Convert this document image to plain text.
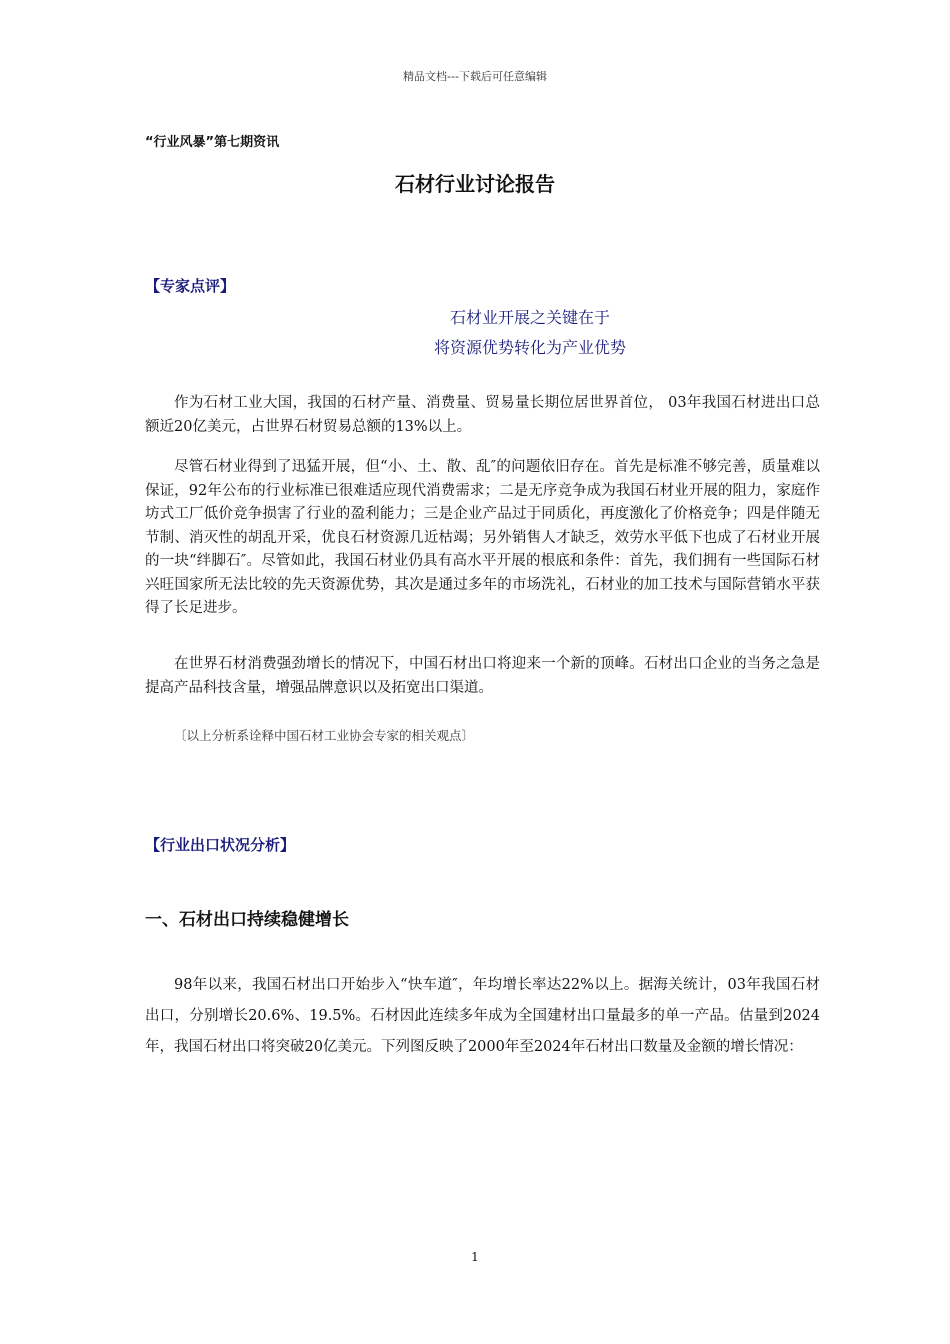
精品文档---下载后可任意编辑
“行业风暴”第七期资讯
石材行业讨论报告
【专家点评】
石材业开展之关键在于
将资源优势转化为产业优势
作为石材工业大国，我国的石材产量、消费量、贸易量长期位居世界首位， 03年我国石材进出口总额近20亿美元，占世界石材贸易总额的13%以上。
尽管石材业得到了迅猛开展，但“小、土、散、乱″的问题依旧存在。首先是标准不够完善，质量难以保证，92年公布的行业标准已很难适应现代消费需求；二是无序竞争成为我国石材业开展的阻力，家庭作坊式工厂低价竞争损害了行业的盈利能力；三是企业产品过于同质化，再度激化了价格竞争；四是伴随无节制、消灭性的胡乱开采，优良石材资源几近枯竭；另外销售人才缺乏，效劳水平低下也成了石材业开展的一块“绊脚石″。尽管如此，我国石材业仍具有高水平开展的根底和条件：首先，我们拥有一些国际石材兴旺国家所无法比较的先天资源优势，其次是通过多年的市场洗礼，石材业的加工技术与国际营销水平获得了长足进步。
在世界石材消费强劲增长的情况下，中国石材出口将迎来一个新的顶峰。石材出口企业的当务之急是提高产品科技含量，增强品牌意识以及拓宽出口渠道。
〔以上分析系诠释中国石材工业协会专家的相关观点〕
【行业出口状况分析】
一、石材出口持续稳健增长
98年以来，我国石材出口开始步入“快车道″，年均增长率达22%以上。据海关统计，03年我国石材出口，分别增长20.6%、19.5%。石材因此连续多年成为全国建材出口量最多的单一产品。估量到2024年，我国石材出口将突破20亿美元。下列图反映了2000年至2024年石材出口数量及金额的增长情况：
1
